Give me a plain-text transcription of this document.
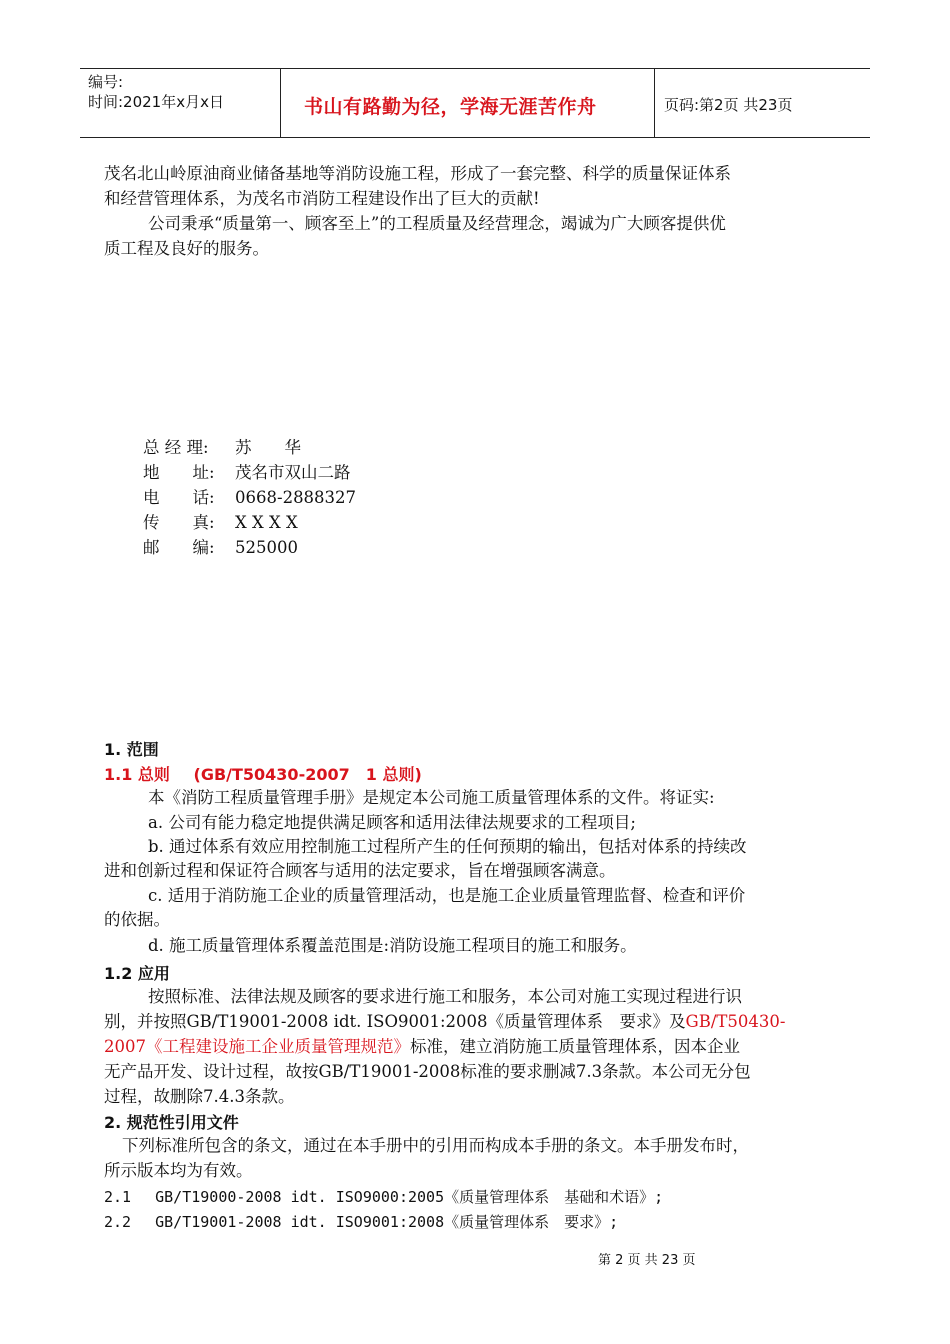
编号:
时间:2021年x月x日	书山有路勤为径，学海无涯苦作舟	页码:第2页 共23页
茂名北山岭原油商业储备基地等消防设施工程，形成了一套完整、科学的质量保证体系
和经营管理体系，为茂名市消防工程建设作出了巨大的贡献!
公司秉承“质量第一、顾客至上”的工程质量及经营理念，竭诚为广大顾客提供优
质工程及良好的服务。
总 经 理: 苏　　华
地　　址: 茂名市双山二路
电　　话: 0668-2888327
传　　真: X X X X
邮　　编: 525000
1. 范围
1.1 总则 (GB/T50430-2007　1 总则)
本《消防工程质量管理手册》是规定本公司施工质量管理体系的文件。将证实:
a. 公司有能力稳定地提供满足顾客和适用法律法规要求的工程项目;
b. 通过体系有效应用控制施工过程所产生的任何预期的输出，包括对体系的持续改
进和创新过程和保证符合顾客与适用的法定要求，旨在增强顾客满意。
c. 适用于消防施工企业的质量管理活动，也是施工企业质量管理监督、检查和评价
的依据。
d. 施工质量管理体系覆盖范围是:消防设施工程项目的施工和服务。
1.2 应用
按照标准、法律法规及顾客的要求进行施工和服务，本公司对施工实现过程进行识
别，并按照GB/T19001-2008 idt. ISO9001:2008《质量管理体系　要求》及GB/T50430-
2007《工程建设施工企业质量管理规范》标准，建立消防施工质量管理体系，因本企业
无产品开发、设计过程，故按GB/T19001-2008标准的要求删减7.3条款。本公司无分包
过程，故删除7.4.3条款。
2. 规范性引用文件
下列标准所包含的条文，通过在本手册中的引用而构成本手册的条文。本手册发布时，
所示版本均为有效。
2.1　 GB/T19000-2008 idt. ISO9000:2005《质量管理体系　基础和术语》;
2.2　 GB/T19001-2008 idt. ISO9001:2008《质量管理体系　要求》;
第 2 页 共 23 页
